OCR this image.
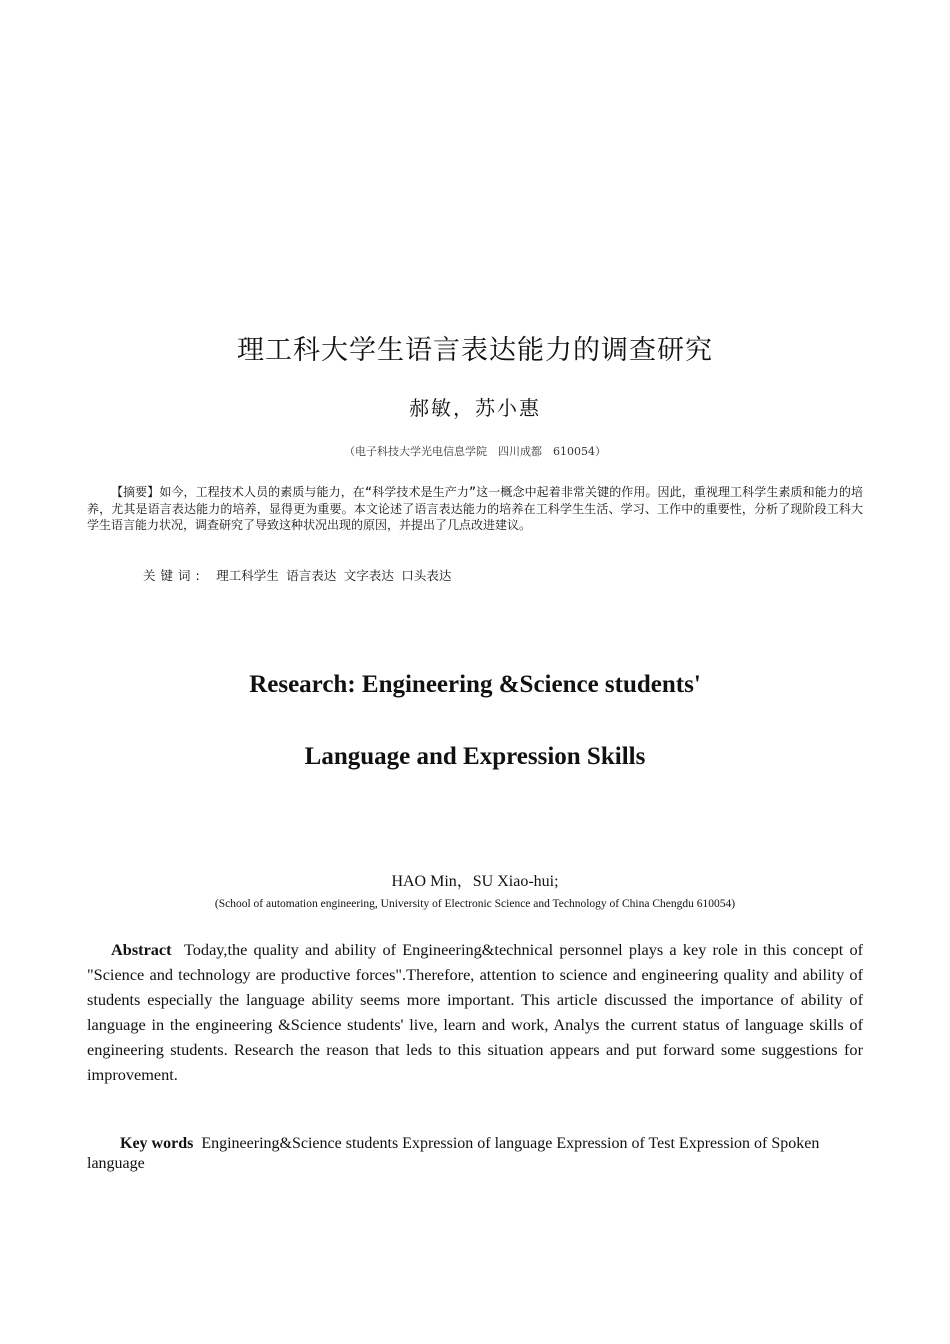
理工科大学生语言表达能力的调查研究
郝敏，苏小惠
（电子科技大学光电信息学院　四川成都　610054）
【摘要】如今，工程技术人员的素质与能力，在“科学技术是生产力”这一概念中起着非常关键的作用。因此，重视理工科学生素质和能力的培养，尤其是语言表达能力的培养，显得更为重要。本文论述了语言表达能力的培养在工科学生生活、学习、工作中的重要性，分析了现阶段工科大学生语言能力状况，调查研究了导致这种状况出现的原因，并提出了几点改进建议。
关键词: 理工科学生 语言表达 文字表达 口头表达
Research: Engineering &Science students'
Language and Expression Skills
HAO Min，SU Xiao-hui;
(School of automation engineering, University of Electronic Science and Technology of China Chengdu 610054)
Abstract Today,the quality and ability of Engineering&technical personnel plays a key role in this concept of "Science and technology are productive forces".Therefore, attention to science and engineering quality and ability of students especially the language ability seems more important. This article discussed the importance of ability of language in the engineering &Science students' live, learn and work, Analys the current status of language skills of engineering students. Research the reason that leds to this situation appears and put forward some suggestions for improvement.
Key words Engineering&Science students Expression of language Expression of Test Expression of Spoken language
